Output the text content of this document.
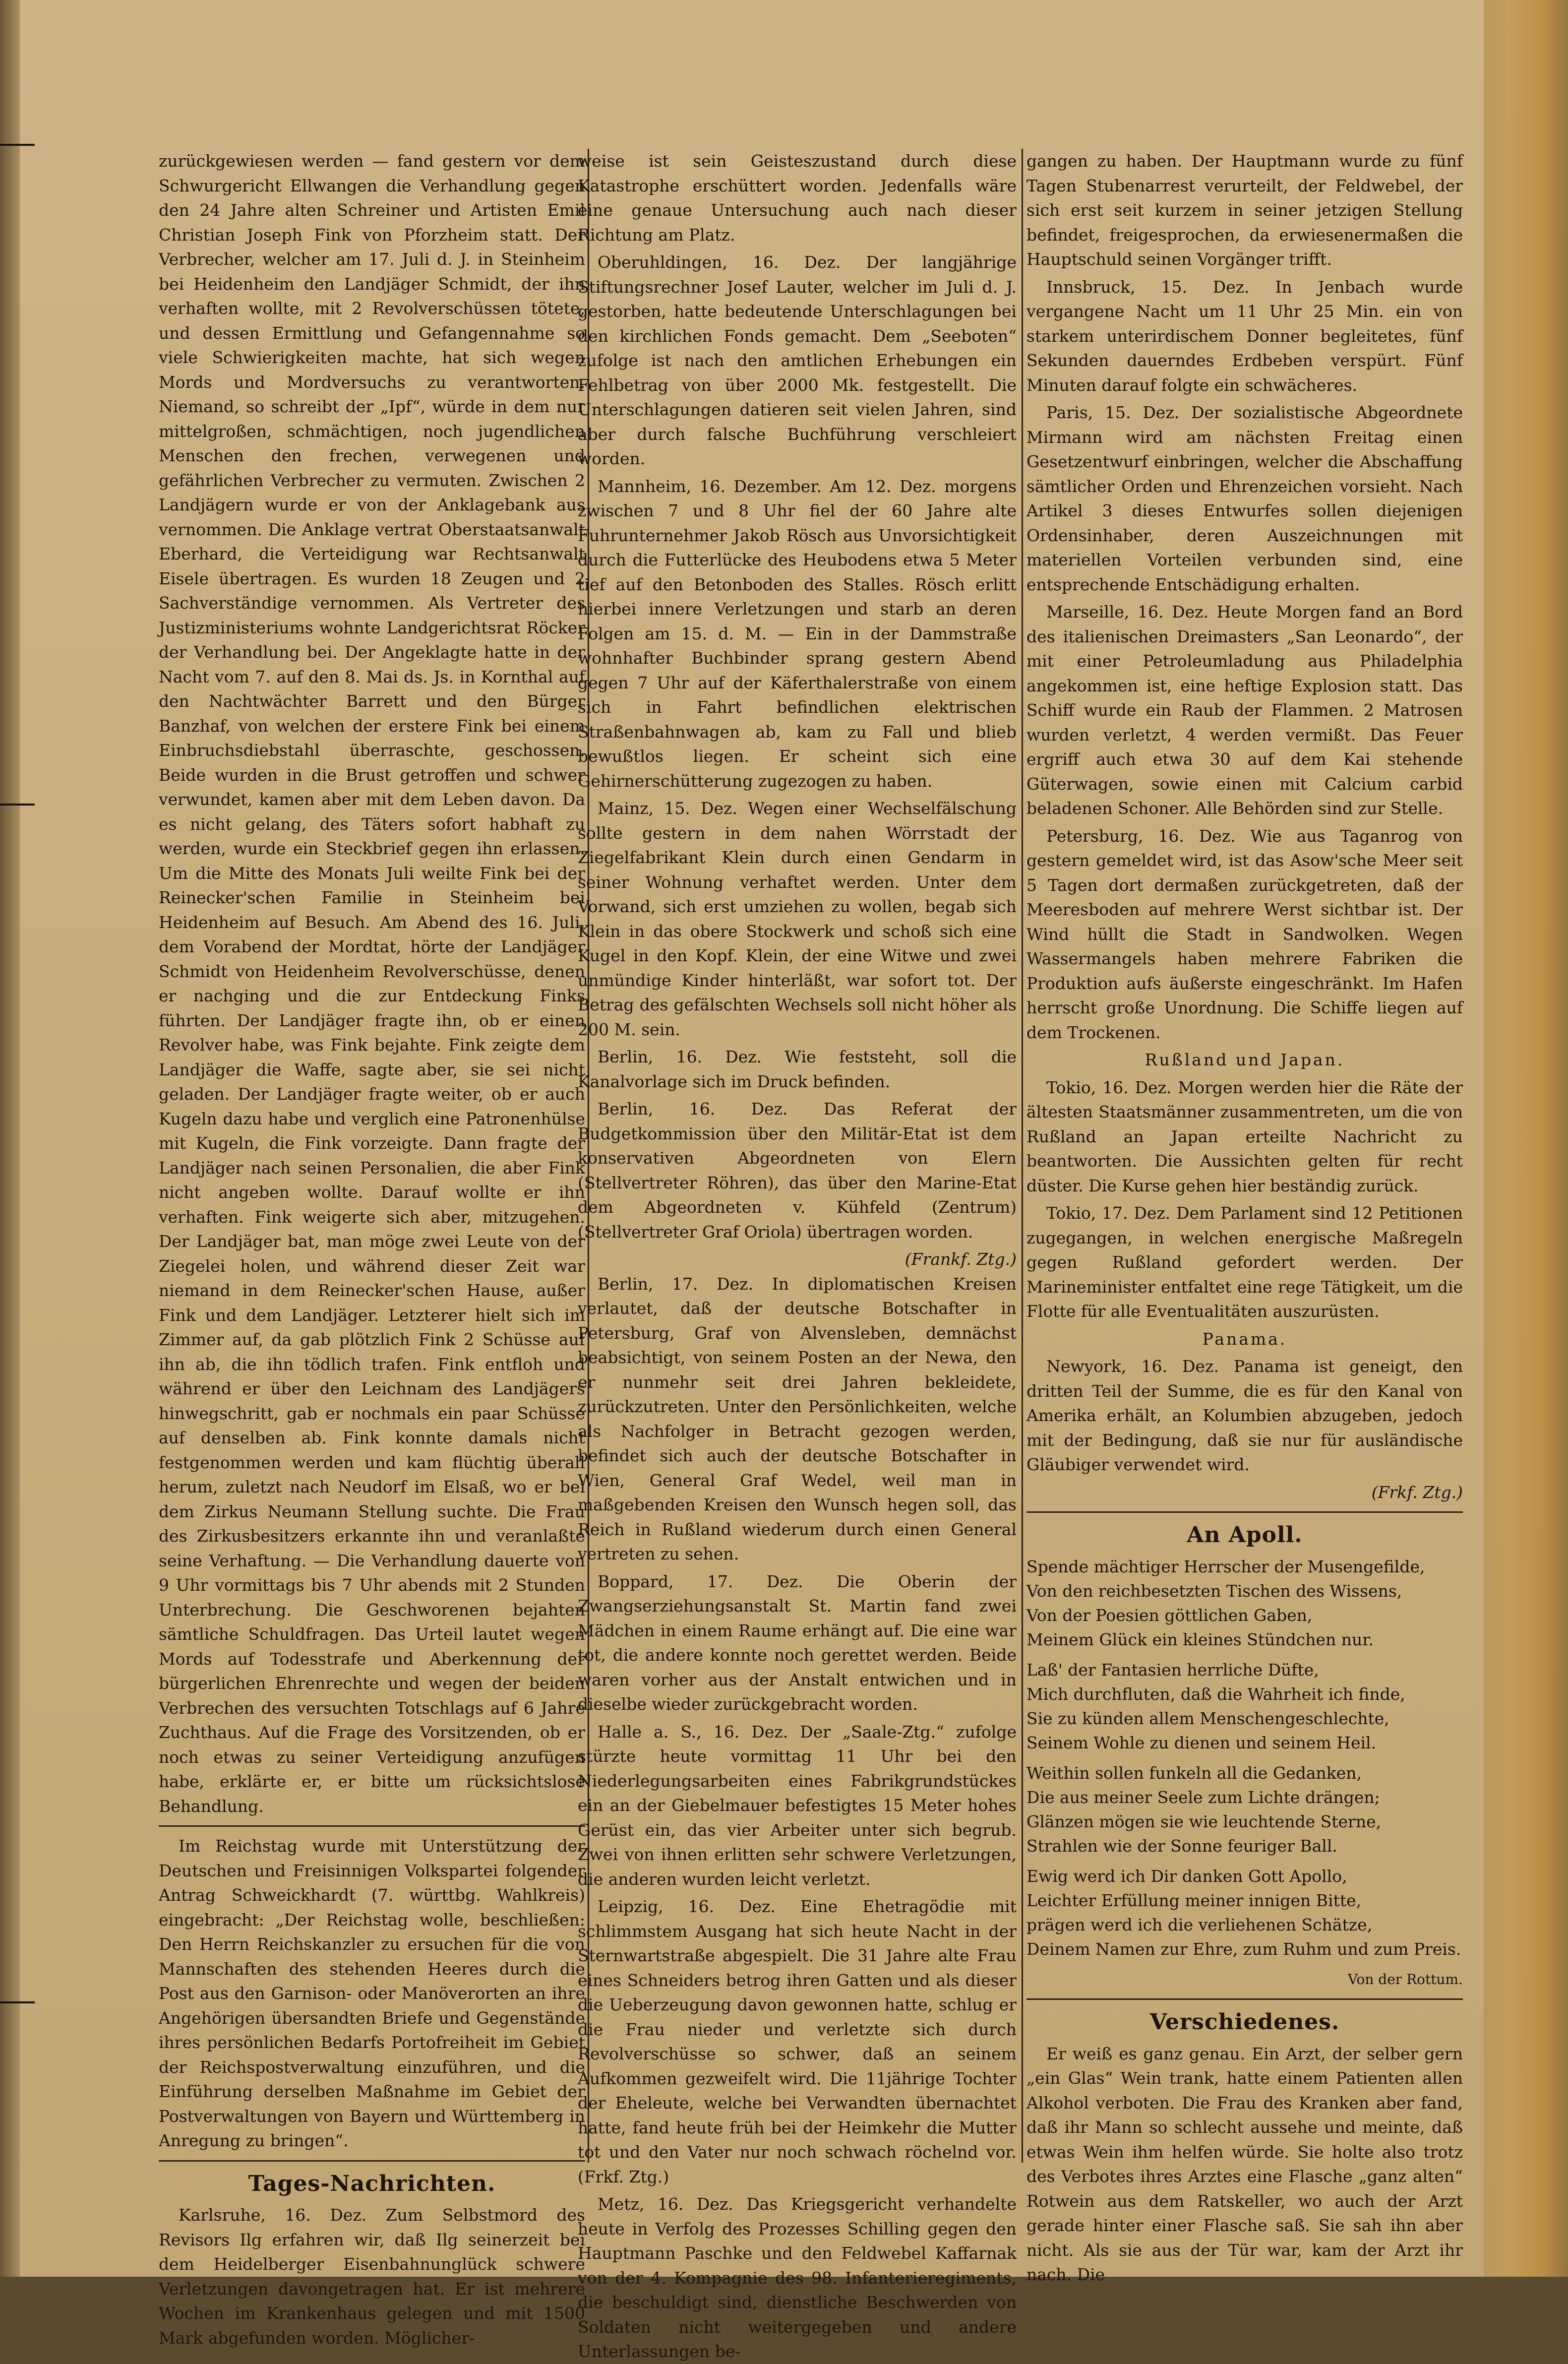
zurückgewiesen werden — fand gestern vor dem Schwurgericht Ellwangen die Verhandlung gegen den 24 Jahre alten Schreiner und Artisten Emil Christian Joseph Fink von Pforzheim statt. Der Verbrecher, welcher am 17. Juli d. J. in Steinheim bei Heidenheim den Landjäger Schmidt, der ihn verhaften wollte, mit 2 Revolverschüssen tötete, und dessen Ermittlung und Gefangennahme so viele Schwierigkeiten machte, hat sich wegen Mords und Mordversuchs zu verantworten. Niemand, so schreibt der „Ipf“, würde in dem nur mittelgroßen, schmächtigen, noch jugendlichen Menschen den frechen, verwegenen und gefährlichen Verbrecher zu vermuten. Zwischen 2 Landjägern wurde er von der Anklagebank aus vernommen. Die Anklage vertrat Oberstaatsanwalt Eberhard, die Verteidigung war Rechtsanwalt Eisele übertragen. Es wurden 18 Zeugen und 2 Sachverständige vernommen. Als Vertreter des Justizministeriums wohnte Landgerichtsrat Röcker der Verhandlung bei. Der Angeklagte hatte in der Nacht vom 7. auf den 8. Mai ds. Js. in Kornthal auf den Nachtwächter Barrett und den Bürger Banzhaf, von welchen der erstere Fink bei einem Einbruchsdiebstahl überraschte, geschossen. Beide wurden in die Brust getroffen und schwer verwundet, kamen aber mit dem Leben davon. Da es nicht gelang, des Täters sofort habhaft zu werden, wurde ein Steckbrief gegen ihn erlassen. Um die Mitte des Monats Juli weilte Fink bei der Reinecker'schen Familie in Steinheim bei Heidenheim auf Besuch. Am Abend des 16. Juli, dem Vorabend der Mordtat, hörte der Landjäger Schmidt von Heidenheim Revolverschüsse, denen er nachging und die zur Entdeckung Finks führten. Der Landjäger fragte ihn, ob er einen Revolver habe, was Fink bejahte. Fink zeigte dem Landjäger die Waffe, sagte aber, sie sei nicht geladen. Der Landjäger fragte weiter, ob er auch Kugeln dazu habe und verglich eine Patronenhülse mit Kugeln, die Fink vorzeigte. Dann fragte der Landjäger nach seinen Personalien, die aber Fink nicht angeben wollte. Darauf wollte er ihn verhaften. Fink weigerte sich aber, mitzugehen. Der Landjäger bat, man möge zwei Leute von der Ziegelei holen, und während dieser Zeit war niemand in dem Reinecker'schen Hause, außer Fink und dem Landjäger. Letzterer hielt sich im Zimmer auf, da gab plötzlich Fink 2 Schüsse auf ihn ab, die ihn tödlich trafen. Fink entfloh und während er über den Leichnam des Landjägers hinwegschritt, gab er nochmals ein paar Schüsse auf denselben ab. Fink konnte damals nicht festgenommen werden und kam flüchtig überall herum, zuletzt nach Neudorf im Elsaß, wo er bei dem Zirkus Neumann Stellung suchte. Die Frau des Zirkusbesitzers erkannte ihn und veranlaßte seine Verhaftung. — Die Verhandlung dauerte von 9 Uhr vormittags bis 7 Uhr abends mit 2 Stunden Unterbrechung. Die Geschworenen bejahten sämtliche Schuldfragen. Das Urteil lautet wegen Mords auf Todesstrafe und Aberkennung der bürgerlichen Ehrenrechte und wegen der beiden Verbrechen des versuchten Totschlags auf 6 Jahre Zuchthaus. Auf die Frage des Vorsitzenden, ob er noch etwas zu seiner Verteidigung anzufügen habe, erklärte er, er bitte um rücksichtslose Behandlung.

Im Reichstag wurde mit Unterstützung der Deutschen und Freisinnigen Volkspartei folgender Antrag Schweickhardt (7. württbg. Wahlkreis) eingebracht: „Der Reichstag wolle, beschließen: Den Herrn Reichskanzler zu ersuchen für die von Mannschaften des stehenden Heeres durch die Post aus den Garnison- oder Manöverorten an ihre Angehörigen übersandten Briefe und Gegenstände ihres persönlichen Bedarfs Portofreiheit im Gebiet der Reichspostverwaltung einzuführen, und die Einführung derselben Maßnahme im Gebiet der Postverwaltungen von Bayern und Württemberg in Anregung zu bringen“.

Tages-Nachrichten.

Karlsruhe, 16. Dez. Zum Selbstmord des Revisors Ilg erfahren wir, daß Ilg seinerzeit bei dem Heidelberger Eisenbahnunglück schwere Verletzungen davongetragen hat. Er ist mehrere Wochen im Krankenhaus gelegen und mit 1500 Mark abgefunden worden. Möglicher-

weise ist sein Geisteszustand durch diese Katastrophe erschüttert worden. Jedenfalls wäre eine genaue Untersuchung auch nach dieser Richtung am Platz.

Oberuhldingen, 16. Dez. Der langjährige Stiftungsrechner Josef Lauter, welcher im Juli d. J. gestorben, hatte bedeutende Unterschlagungen bei den kirchlichen Fonds gemacht. Dem „Seeboten“ zufolge ist nach den amtlichen Erhebungen ein Fehlbetrag von über 2000 Mk. festgestellt. Die Unterschlagungen datieren seit vielen Jahren, sind aber durch falsche Buchführung verschleiert worden.

Mannheim, 16. Dezember. Am 12. Dez. morgens zwischen 7 und 8 Uhr fiel der 60 Jahre alte Fuhrunternehmer Jakob Rösch aus Unvorsichtigkeit durch die Futterlücke des Heubodens etwa 5 Meter tief auf den Betonboden des Stalles. Rösch erlitt hierbei innere Verletzungen und starb an deren Folgen am 15. d. M. — Ein in der Dammstraße wohnhafter Buchbinder sprang gestern Abend gegen 7 Uhr auf der Käferthalerstraße von einem sich in Fahrt befindlichen elektrischen Straßenbahnwagen ab, kam zu Fall und blieb bewußtlos liegen. Er scheint sich eine Gehirnerschütterung zugezogen zu haben.

Mainz, 15. Dez. Wegen einer Wechselfälschung sollte gestern in dem nahen Wörrstadt der Ziegelfabrikant Klein durch einen Gendarm in seiner Wohnung verhaftet werden. Unter dem Vorwand, sich erst umziehen zu wollen, begab sich Klein in das obere Stockwerk und schoß sich eine Kugel in den Kopf. Klein, der eine Witwe und zwei unmündige Kinder hinterläßt, war sofort tot. Der Betrag des gefälschten Wechsels soll nicht höher als 200 M. sein.

Berlin, 16. Dez. Wie feststeht, soll die Kanalvorlage sich im Druck befinden.

Berlin, 16. Dez. Das Referat der Budgetkommission über den Militär-Etat ist dem konservativen Abgeordneten von Elern (Stellvertreter Röhren), das über den Marine-Etat dem Abgeordneten v. Kühfeld (Zentrum) (Stellvertreter Graf Oriola) übertragen worden.

(Frankf. Ztg.)

Berlin, 17. Dez. In diplomatischen Kreisen verlautet, daß der deutsche Botschafter in Petersburg, Graf von Alvensleben, demnächst beabsichtigt, von seinem Posten an der Newa, den er nunmehr seit drei Jahren bekleidete, zurückzutreten. Unter den Persönlichkeiten, welche als Nachfolger in Betracht gezogen werden, befindet sich auch der deutsche Botschafter in Wien, General Graf Wedel, weil man in maßgebenden Kreisen den Wunsch hegen soll, das Reich in Rußland wiederum durch einen General vertreten zu sehen.

Boppard, 17. Dez. Die Oberin der Zwangserziehungsanstalt St. Martin fand zwei Mädchen in einem Raume erhängt auf. Die eine war tot, die andere konnte noch gerettet werden. Beide waren vorher aus der Anstalt entwichen und in dieselbe wieder zurückgebracht worden.

Halle a. S., 16. Dez. Der „Saale-Ztg.“ zufolge stürzte heute vormittag 11 Uhr bei den Niederlegungsarbeiten eines Fabrikgrundstückes ein an der Giebelmauer befestigtes 15 Meter hohes Gerüst ein, das vier Arbeiter unter sich begrub. Zwei von ihnen erlitten sehr schwere Verletzungen, die anderen wurden leicht verletzt.

Leipzig, 16. Dez. Eine Ehetragödie mit schlimmstem Ausgang hat sich heute Nacht in der Sternwartstraße abgespielt. Die 31 Jahre alte Frau eines Schneiders betrog ihren Gatten und als dieser die Ueberzeugung davon gewonnen hatte, schlug er die Frau nieder und verletzte sich durch Revolverschüsse so schwer, daß an seinem Aufkommen gezweifelt wird. Die 11jährige Tochter der Eheleute, welche bei Verwandten übernachtet hatte, fand heute früh bei der Heimkehr die Mutter tot und den Vater nur noch schwach röchelnd vor. (Frkf. Ztg.)

Metz, 16. Dez. Das Kriegsgericht verhandelte heute in Verfolg des Prozesses Schilling gegen den Hauptmann Paschke und den Feldwebel Kaffarnak von der 4. Kompagnie des 98. Infanterieregiments, die beschuldigt sind, dienstliche Beschwerden von Soldaten nicht weitergegeben und andere Unterlassungen be-

gangen zu haben. Der Hauptmann wurde zu fünf Tagen Stubenarrest verurteilt, der Feldwebel, der sich erst seit kurzem in seiner jetzigen Stellung befindet, freigesprochen, da erwiesenermaßen die Hauptschuld seinen Vorgänger trifft.

Innsbruck, 15. Dez. In Jenbach wurde vergangene Nacht um 11 Uhr 25 Min. ein von starkem unterirdischem Donner begleitetes, fünf Sekunden dauerndes Erdbeben verspürt. Fünf Minuten darauf folgte ein schwächeres.

Paris, 15. Dez. Der sozialistische Abgeordnete Mirmann wird am nächsten Freitag einen Gesetzentwurf einbringen, welcher die Abschaffung sämtlicher Orden und Ehrenzeichen vorsieht. Nach Artikel 3 dieses Entwurfes sollen diejenigen Ordensinhaber, deren Auszeichnungen mit materiellen Vorteilen verbunden sind, eine entsprechende Entschädigung erhalten.

Marseille, 16. Dez. Heute Morgen fand an Bord des italienischen Dreimasters „San Leonardo“, der mit einer Petroleumladung aus Philadelphia angekommen ist, eine heftige Explosion statt. Das Schiff wurde ein Raub der Flammen. 2 Matrosen wurden verletzt, 4 werden vermißt. Das Feuer ergriff auch etwa 30 auf dem Kai stehende Güterwagen, sowie einen mit Calcium carbid beladenen Schoner. Alle Behörden sind zur Stelle.

Petersburg, 16. Dez. Wie aus Taganrog von gestern gemeldet wird, ist das Asow'sche Meer seit 5 Tagen dort dermaßen zurückgetreten, daß der Meeresboden auf mehrere Werst sichtbar ist. Der Wind hüllt die Stadt in Sandwolken. Wegen Wassermangels haben mehrere Fabriken die Produktion aufs äußerste eingeschränkt. Im Hafen herrscht große Unordnung. Die Schiffe liegen auf dem Trockenen.

Rußland und Japan.

Tokio, 16. Dez. Morgen werden hier die Räte der ältesten Staatsmänner zusammentreten, um die von Rußland an Japan erteilte Nachricht zu beantworten. Die Aussichten gelten für recht düster. Die Kurse gehen hier beständig zurück.

Tokio, 17. Dez. Dem Parlament sind 12 Petitionen zugegangen, in welchen energische Maßregeln gegen Rußland gefordert werden. Der Marineminister entfaltet eine rege Tätigkeit, um die Flotte für alle Eventualitäten auszurüsten.

Panama.

Newyork, 16. Dez. Panama ist geneigt, den dritten Teil der Summe, die es für den Kanal von Amerika erhält, an Kolumbien abzugeben, jedoch mit der Bedingung, daß sie nur für ausländische Gläubiger verwendet wird.

(Frkf. Ztg.)
An Apoll.
Spende mächtiger Herrscher der Musengefilde,
Von den reichbesetzten Tischen des Wissens,
Von der Poesien göttlichen Gaben,
Meinem Glück ein kleines Stündchen nur.
Laß' der Fantasien herrliche Düfte,
Mich durchfluten, daß die Wahrheit ich finde,
Sie zu künden allem Menschengeschlechte,
Seinem Wohle zu dienen und seinem Heil.
Weithin sollen funkeln all die Gedanken,
Die aus meiner Seele zum Lichte drängen;
Glänzen mögen sie wie leuchtende Sterne,
Strahlen wie der Sonne feuriger Ball.
Ewig werd ich Dir danken Gott Apollo,
Leichter Erfüllung meiner innigen Bitte,
prägen werd ich die verliehenen Schätze,
Deinem Namen zur Ehre, zum Ruhm und zum Preis.
Von der Rottum.
Verschiedenes.

Er weiß es ganz genau. Ein Arzt, der selber gern „ein Glas“ Wein trank, hatte einem Patienten allen Alkohol verboten. Die Frau des Kranken aber fand, daß ihr Mann so schlecht aussehe und meinte, daß etwas Wein ihm helfen würde. Sie holte also trotz des Verbotes ihres Arztes eine Flasche „ganz alten“ Rotwein aus dem Ratskeller, wo auch der Arzt gerade hinter einer Flasche saß. Sie sah ihn aber nicht. Als sie aus der Tür war, kam der Arzt ihr nach. Die
